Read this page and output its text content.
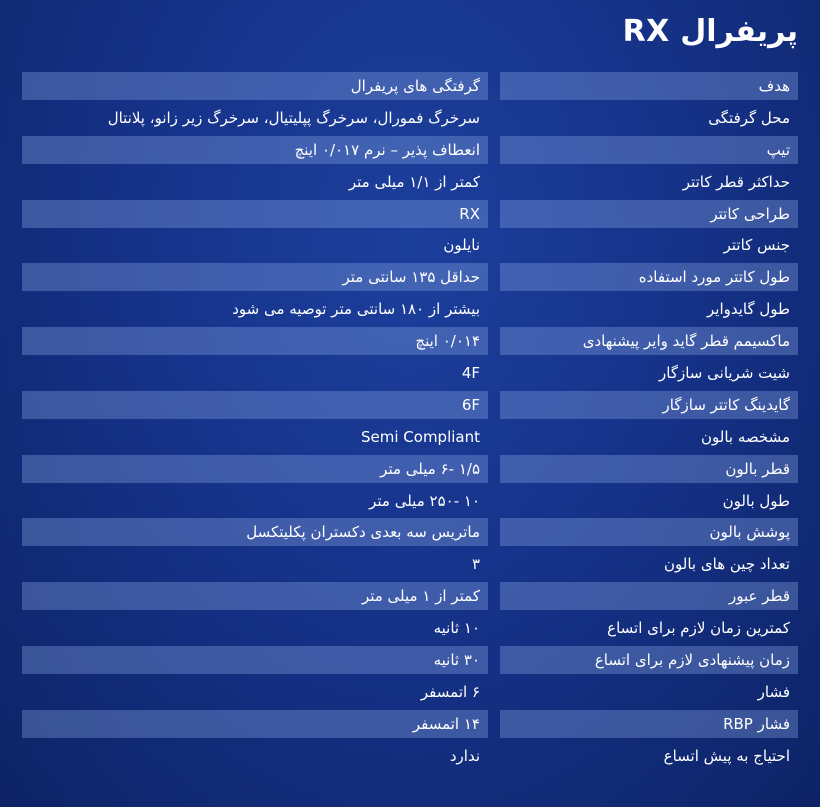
پریفرال RX
هدف
گرفتگی های پریفرال
محل گرفتگی
سرخرگ فمورال، سرخرگ پپلیتیال، سرخرگ زیر زانو، پلانتال
تیپ
انعطاف پذیر – نرم ۰/۰۱۷ اینچ
حداکثر قطر کاتتر
کمتر از ۱/۱ میلی متر
طراحی کاتتر
RX
جنس کاتتر
نایلون
طول کاتتر مورد استفاده
حداقل ۱۳۵ سانتی متر
طول گایدوایر
بیشتر از ۱۸۰ سانتی متر توصیه می شود
ماکسیمم قطر گاید وایر پیشنهادی
۰/۰۱۴ اینچ
شیت شریانی سازگار
4F
گایدینگ کاتتر سازگار
6F
مشخصه بالون
Semi Compliant
قطر بالون
۱/۵ -۶ میلی متر
طول بالون
۱۰ -۲۵۰ میلی متر
پوشش بالون
ماتریس سه بعدی دکستران پکلیتکسل
تعداد چین های بالون
۳
قطر عبور
کمتر از ۱ میلی متر
کمترین زمان لازم برای اتساع
۱۰ ثانیه
زمان پیشنهادی لازم برای اتساع
۳۰ ثانیه
فشار
۶ اتمسفر
فشار RBP
۱۴ اتمسفر
احتیاج به پیش اتساع
ندارد
